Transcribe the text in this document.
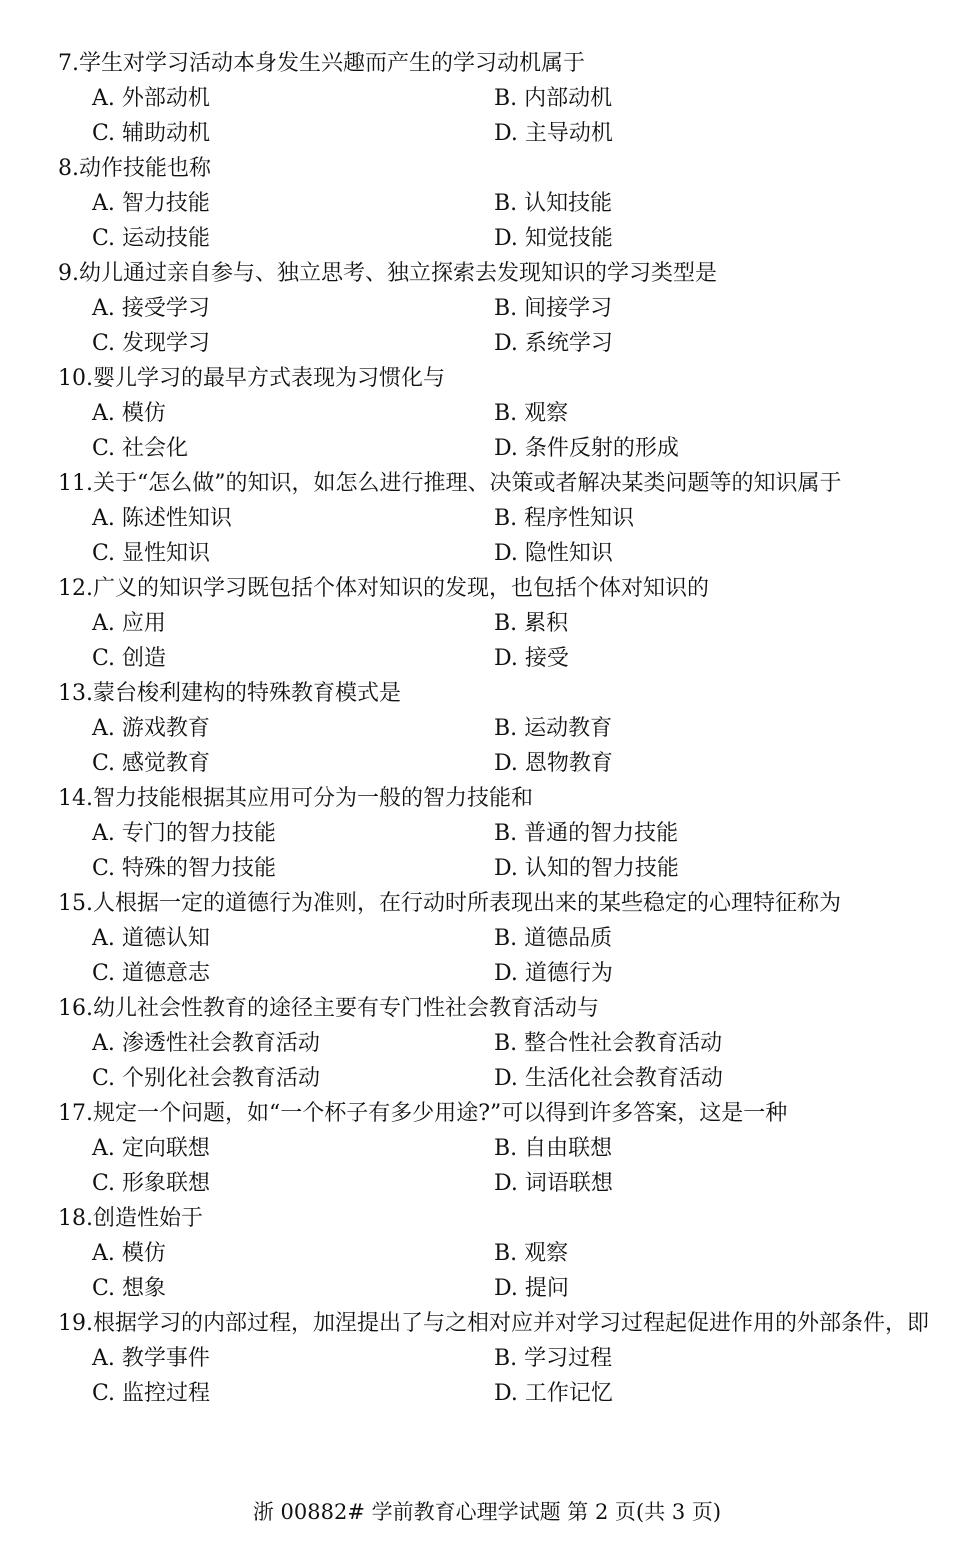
7.学生对学习活动本身发生兴趣而产生的学习动机属于
A. 外部动机	B. 内部动机
C. 辅助动机	D. 主导动机
8.动作技能也称
A. 智力技能	B. 认知技能
C. 运动技能	D. 知觉技能
9.幼儿通过亲自参与、独立思考、独立探索去发现知识的学习类型是
A. 接受学习	B. 间接学习
C. 发现学习	D. 系统学习
10.婴儿学习的最早方式表现为习惯化与
A. 模仿	B. 观察
C. 社会化	D. 条件反射的形成
11.关于“怎么做”的知识，如怎么进行推理、决策或者解决某类问题等的知识属于
A. 陈述性知识	B. 程序性知识
C. 显性知识	D. 隐性知识
12.广义的知识学习既包括个体对知识的发现，也包括个体对知识的
A. 应用	B. 累积
C. 创造	D. 接受
13.蒙台梭利建构的特殊教育模式是
A. 游戏教育	B. 运动教育
C. 感觉教育	D. 恩物教育
14.智力技能根据其应用可分为一般的智力技能和
A. 专门的智力技能	B. 普通的智力技能
C. 特殊的智力技能	D. 认知的智力技能
15.人根据一定的道德行为准则，在行动时所表现出来的某些稳定的心理特征称为
A. 道德认知	B. 道德品质
C. 道德意志	D. 道德行为
16.幼儿社会性教育的途径主要有专门性社会教育活动与
A. 渗透性社会教育活动	B. 整合性社会教育活动
C. 个别化社会教育活动	D. 生活化社会教育活动
17.规定一个问题，如“一个杯子有多少用途?”可以得到许多答案，这是一种
A. 定向联想	B. 自由联想
C. 形象联想	D. 词语联想
18.创造性始于
A. 模仿	B. 观察
C. 想象	D. 提问
19.根据学习的内部过程，加涅提出了与之相对应并对学习过程起促进作用的外部条件，即
A. 教学事件	B. 学习过程
C. 监控过程	D. 工作记忆
浙 00882# 学前教育心理学试题 第 2 页(共 3 页)
